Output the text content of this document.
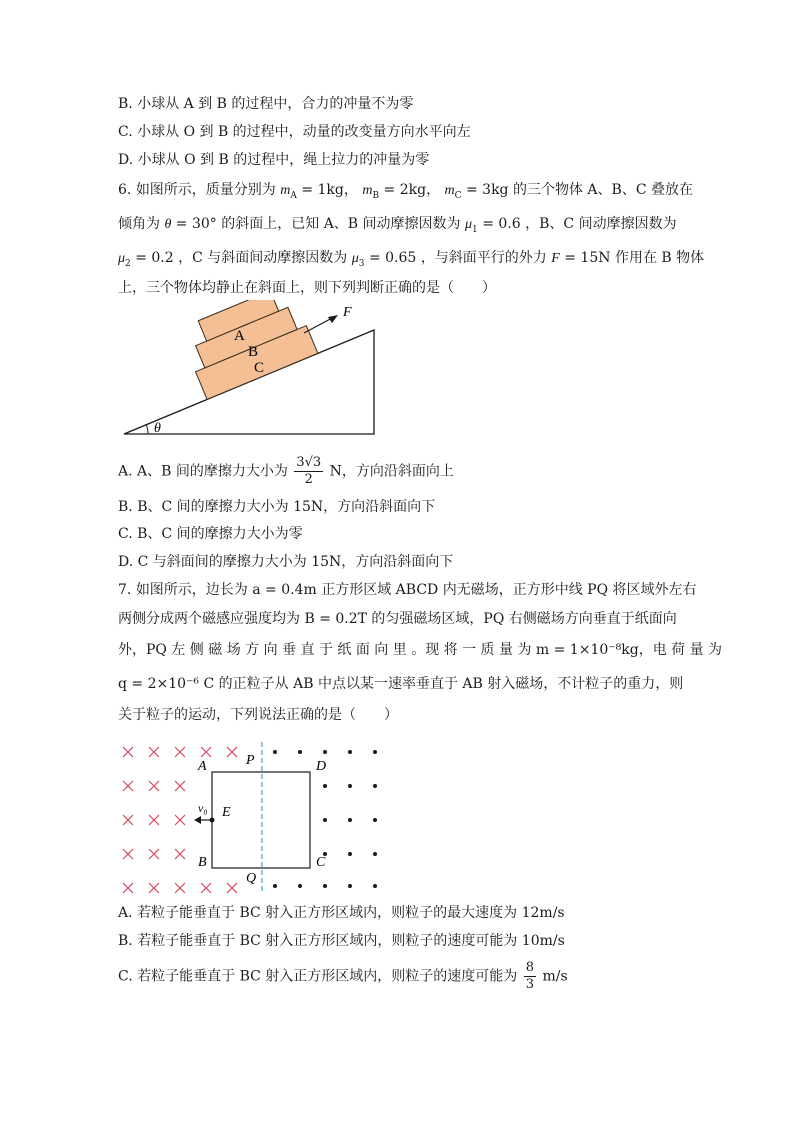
B. 小球从 A 到 B 的过程中，合力的冲量不为零
C. 小球从 O 到 B 的过程中，动量的改变量方向水平向左
D. 小球从 O 到 B 的过程中，绳上拉力的冲量为零
6. 如图所示，质量分别为 $m_A = 1kg$， $m_B = 2kg$， $m_C = 3kg$ 的三个物体 A、B、C 叠放在
倾角为 θ = 30° 的斜面上，已知 A、B 间动摩擦因数为 $\mu_1 = 0.6$ ，B、C 间动摩擦因数为
$\mu_2 = 0.2$ ，C 与斜面间动摩擦因数为 $\mu_3 = 0.65$ ，与斜面平行的外力 F = 15N 作用在 B 物体
上，三个物体均静止在斜面上，则下列判断正确的是（　　）
A
B
C
F
θ
A. A、B 间的摩擦力大小为 $\frac{3√3}{2}$ N，方向沿斜面向上
B. B、C 间的摩擦力大小为 15N，方向沿斜面向下
C. B、C 间的摩擦力大小为零
D. C 与斜面间的摩擦力大小为 15N，方向沿斜面向下
7. 如图所示，边长为 a = 0.4m 正方形区域 ABCD 内无磁场，正方形中线 PQ 将区域外左右
两侧分成两个磁感应强度均为 B = 0.2T 的匀强磁场区域，PQ 右侧磁场方向垂直于纸面向
外，PQ 左 侧 磁 场 方 向 垂 直 于 纸 面 向 里 。现 将 一 质 量 为 m = 1×10⁻⁸kg，电 荷 量 为
q = 2×10⁻⁶ C 的正粒子从 AB 中点以某一速率垂直于 AB 射入磁场，不计粒子的重力，则
关于粒子的运动，下列说法正确的是（　　）
A	P	D
B	C
Q
E
v₀
A. 若粒子能垂直于 BC 射入正方形区域内，则粒子的最大速度为 12m/s
B. 若粒子能垂直于 BC 射入正方形区域内，则粒子的速度可能为 10m/s
C. 若粒子能垂直于 BC 射入正方形区域内，则粒子的速度可能为 $\frac{8}{3} m/s$
